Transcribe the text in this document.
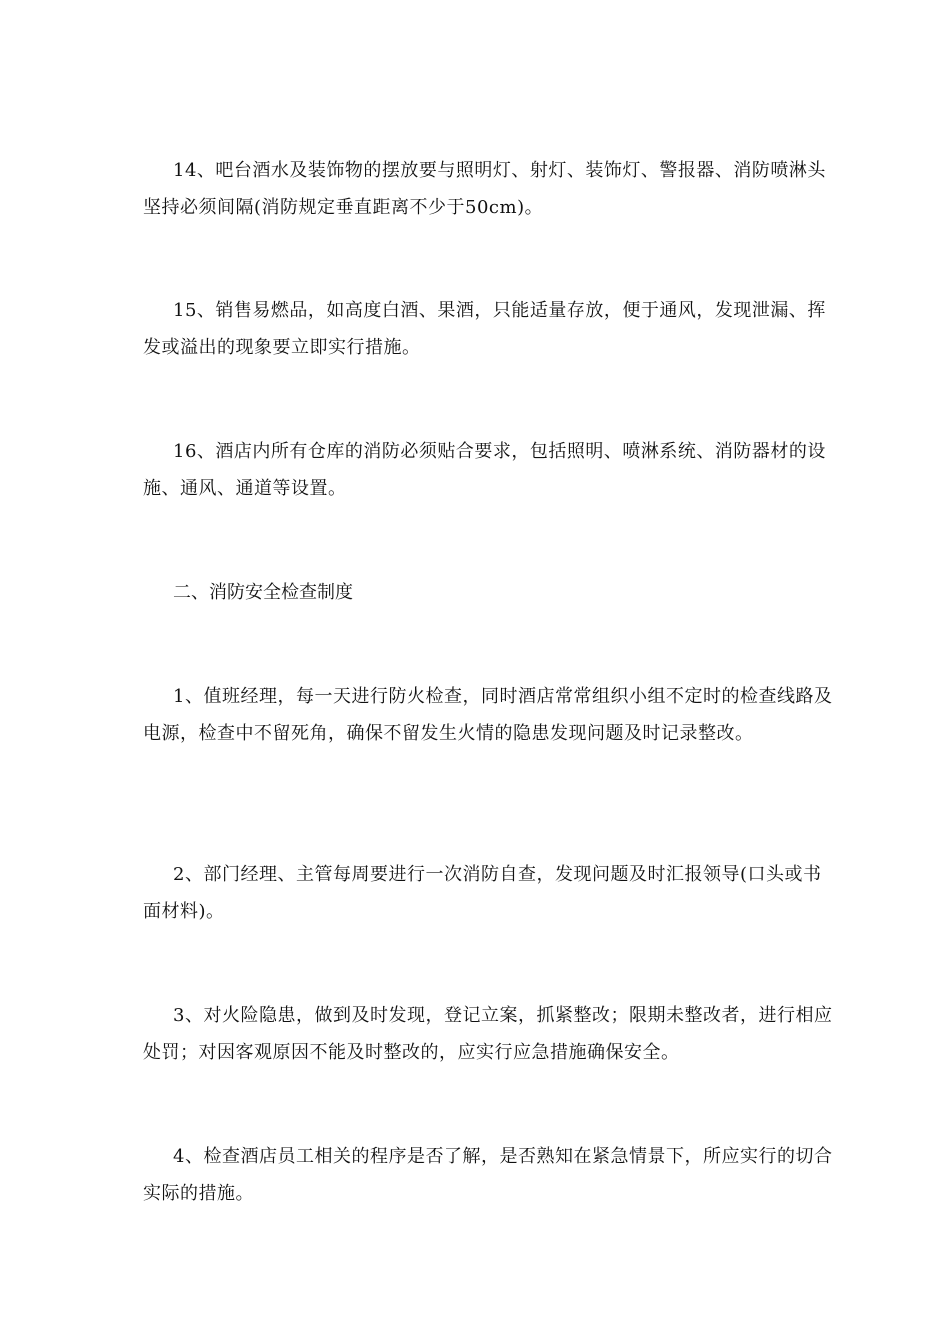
14、吧台酒水及装饰物的摆放要与照明灯、射灯、装饰灯、警报器、消防喷淋头坚持必须间隔(消防规定垂直距离不少于50cm)。

15、销售易燃品，如高度白酒、果酒，只能适量存放，便于通风，发现泄漏、挥发或溢出的现象要立即实行措施。

16、酒店内所有仓库的消防必须贴合要求，包括照明、喷淋系统、消防器材的设施、通风、通道等设置。

二、消防安全检查制度

1、值班经理，每一天进行防火检查，同时酒店常常组织小组不定时的检查线路及电源，检查中不留死角，确保不留发生火情的隐患发现问题及时记录整改。

2、部门经理、主管每周要进行一次消防自查，发现问题及时汇报领导(口头或书面材料)。

3、对火险隐患，做到及时发现，登记立案，抓紧整改；限期未整改者，进行相应处罚；对因客观原因不能及时整改的，应实行应急措施确保安全。

4、检查酒店员工相关的程序是否了解，是否熟知在紧急情景下，所应实行的切合实际的措施。
